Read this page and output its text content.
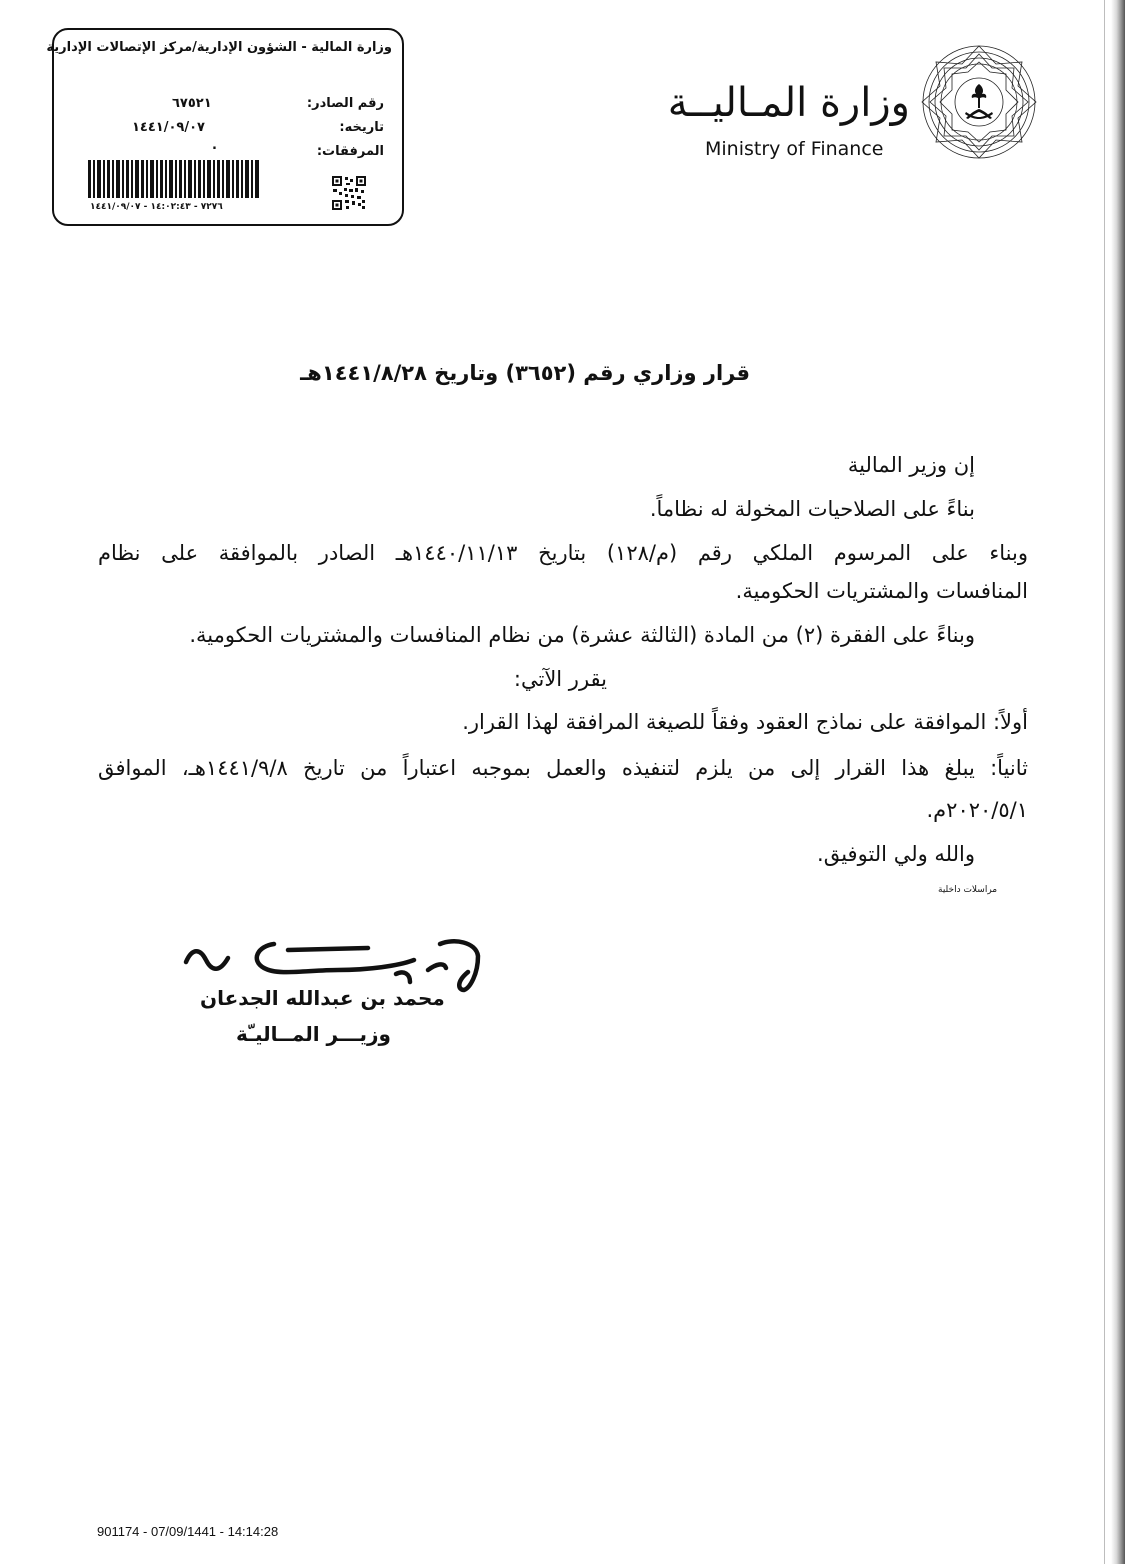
وزارة المالية - الشؤون الإدارية/مركز الإتصالات الإدارية
رقم الصادر:
٦٧٥٢١
تاريخه:
١٤٤١/٠٩/٠٧
المرفقات:
.
٧٢٧٦ - ١٤:٠٢:٤٣ - ١٤٤١/٠٩/٠٧
وزارة المـاليــة
Ministry of Finance
قرار وزاري رقم (٣٦٥٢) وتاريخ ١٤٤١/٨/٢٨هـ
إن وزير المالية
بناءً على الصلاحيات المخولة له نظاماً.
وبناء على المرسوم الملكي رقم (م/١٢٨) بتاريخ ١٤٤٠/١١/١٣هـ الصادر بالموافقة على نظام
المنافسات والمشتريات الحكومية.
وبناءً على الفقرة (٢) من المادة (الثالثة عشرة) من نظام المنافسات والمشتريات الحكومية.
يقرر الآتي:
أولاً: الموافقة على نماذج العقود وفقاً للصيغة المرافقة لهذا القرار.
ثانياً: يبلغ هذا القرار إلى من يلزم لتنفيذه والعمل بموجبه اعتباراً من تاريخ ١٤٤١/٩/٨هـ، الموافق
٢٠٢٠/٥/١م.
والله ولي التوفيق.
مراسلات داخلية
محمد بن عبدالله الجدعان
وزيـــر المــاليـّة
901174 - 07/09/1441 - 14:14:28
